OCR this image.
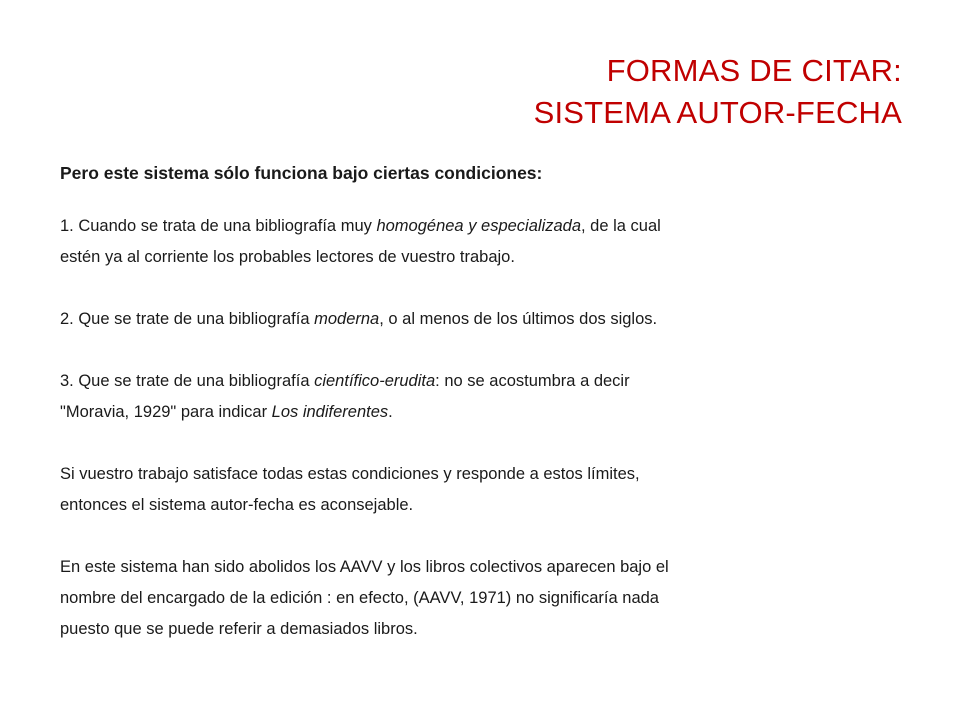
FORMAS DE CITAR:
SISTEMA AUTOR-FECHA

Pero este sistema sólo funciona bajo ciertas condiciones:

1. Cuando se trata de una bibliografía muy homogénea y especializada, de la cual
estén ya al corriente los probables lectores de vuestro trabajo.

2. Que se trate de una bibliografía moderna, o al menos de los últimos dos siglos.

3. Que se trate de una bibliografía científico-erudita: no se acostumbra a decir
"Moravia, 1929" para indicar Los indiferentes.

Si vuestro trabajo satisface todas estas condiciones y responde a estos límites,
entonces el sistema autor-fecha es aconsejable.

En este sistema han sido abolidos los AAVV y los libros colectivos aparecen bajo el
nombre del encargado de la edición : en efecto, (AAVV, 1971) no significaría nada
puesto que se puede referir a demasiados libros.
